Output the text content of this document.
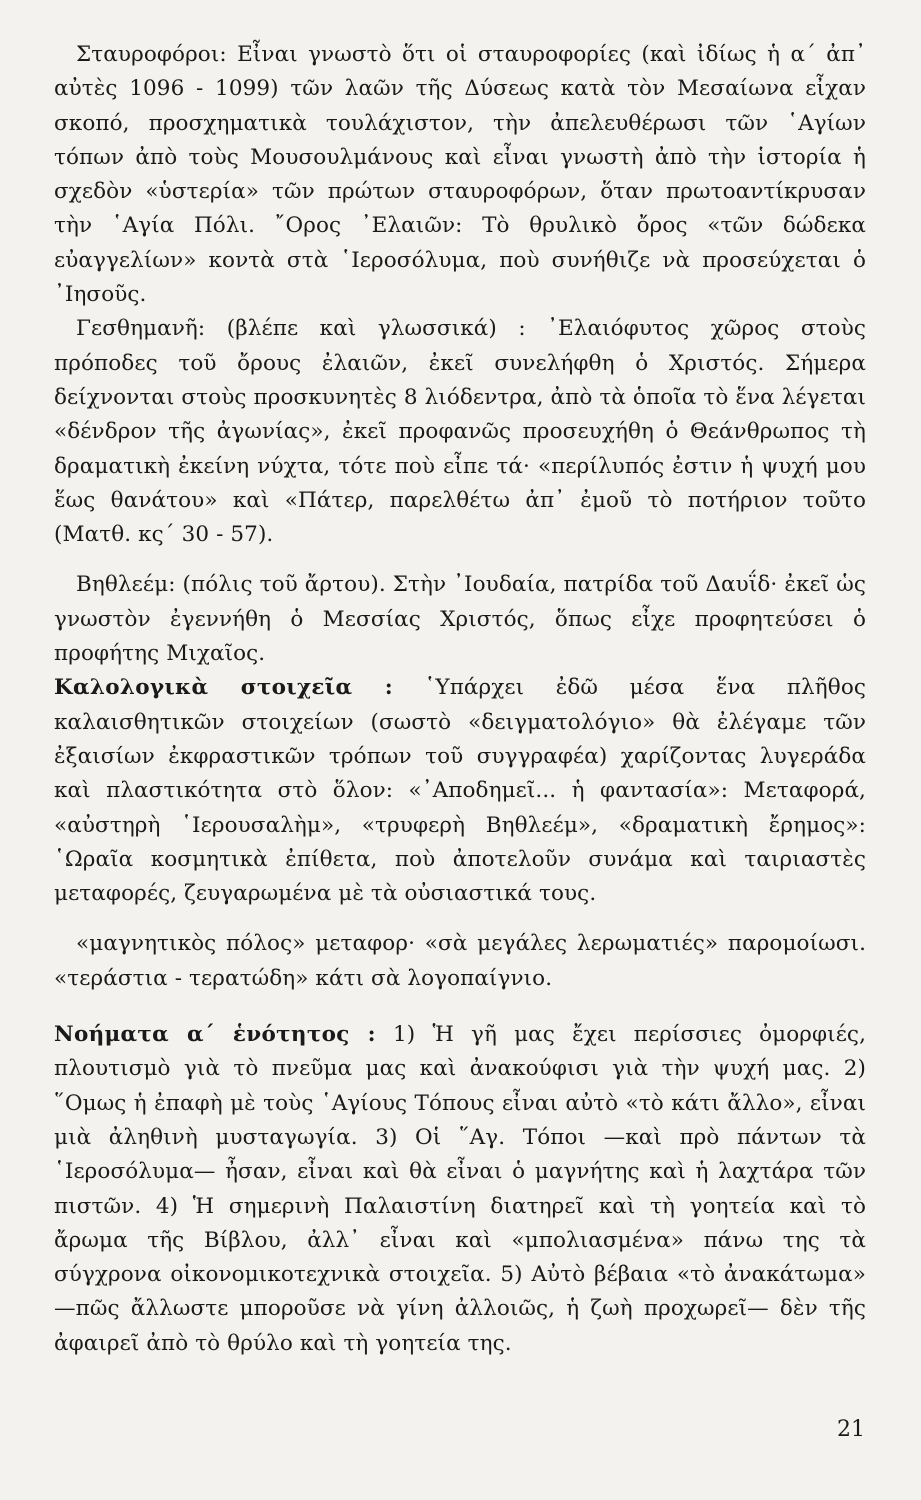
Σταυροφόροι: Εἶναι γνωστὸ ὅτι οἱ σταυροφορίες (καὶ ἰδίως ἡ α΄ ἀπ᾿ αὐτὲς 1096 - 1099) τῶν λαῶν τῆς Δύσεως κατὰ τὸν Μεσαίωνα εἶχαν σκοπό, προσχηματικὰ τουλάχιστον, τὴν ἀπελευθέρωσι τῶν ῾Αγίων τόπων ἀπὸ τοὺς Μουσουλμάνους καὶ εἶναι γνωστὴ ἀπὸ τὴν ἱστορία ἡ σχεδὸν «ὑστερία» τῶν πρώτων σταυροφόρων, ὅταν πρωτοαντίκρυσαν τὴν ῾Αγία Πόλι. ῎Ορος ᾿Ελαιῶν: Τὸ θρυλικὸ ὄρος «τῶν δώδεκα εὐαγγελίων» κοντὰ στὰ ῾Ιεροσόλυμα, ποὺ συνήθιζε νὰ προσεύχεται ὁ ᾿Ιησοῦς.

Γεσθημανῆ: (βλέπε καὶ γλωσσικά) : ᾿Ελαιόφυτος χῶρος στοὺς πρόποδες τοῦ ὄρους ἐλαιῶν, ἐκεῖ συνελήφθη ὁ Χριστός. Σήμερα δείχνονται στοὺς προσκυνητὲς 8 λιόδεντρα, ἀπὸ τὰ ὁποῖα τὸ ἕνα λέγεται «δένδρον τῆς ἀγωνίας», ἐκεῖ προφανῶς προσευχήθη ὁ Θεάνθρωπος τὴ δραματικὴ ἐκείνη νύχτα, τότε ποὺ εἶπε τά· «περίλυπός ἐστιν ἡ ψυχή μου ἕως θανάτου» καὶ «Πάτερ, παρελθέτω ἀπ᾿ ἐμοῦ τὸ ποτήριον τοῦτο (Ματθ. κς΄ 30 - 57).

Βηθλεέμ: (πόλις τοῦ ἄρτου). Στὴν ᾿Ιουδαία, πατρίδα τοῦ Δαυΐδ· ἐκεῖ ὡς γνωστὸν ἐγεννήθη ὁ Μεσσίας Χριστός, ὅπως εἶχε προφητεύσει ὁ προφήτης Μιχαῖος.

Καλολογικὰ στοιχεῖα : ῾Υπάρχει ἐδῶ μέσα ἕνα πλῆθος καλαισθητικῶν στοιχείων (σωστὸ «δειγματολόγιο» θὰ ἐλέγαμε τῶν ἐξαισίων ἐκφραστικῶν τρόπων τοῦ συγγραφέα) χαρίζοντας λυγεράδα καὶ πλαστικότητα στὸ ὅλον: «᾿Αποδημεῖ... ἡ φαντασία»: Μεταφορά, «αὐστηρὴ ῾Ιερουσαλὴμ», «τρυφερὴ Βηθλεέμ», «δραματικὴ ἔρημος»: ῾Ωραῖα κοσμητικὰ ἐπίθετα, ποὺ ἀποτελοῦν συνάμα καὶ ταιριαστὲς μεταφορές, ζευγαρωμένα μὲ τὰ οὐσιαστικά τους.

«μαγνητικὸς πόλος» μεταφορ· «σὰ μεγάλες λερωματιές» παρομοίωσι. «τεράστια - τερατώδη» κάτι σὰ λογοπαίγνιο.

Νοήματα α΄ ἑνότητος : 1) Ἡ γῆ μας ἔχει περίσσιες ὀμορφιές, πλουτισμὸ γιὰ τὸ πνεῦμα μας καὶ ἀνακούφισι γιὰ τὴν ψυχή μας. 2) ῞Ομως ἡ ἐπαφὴ μὲ τοὺς ῾Αγίους Τόπους εἶναι αὐτὸ «τὸ κάτι ἄλλο», εἶναι μιὰ ἀληθινὴ μυσταγωγία. 3) Οἱ ῞Αγ. Τόποι —καὶ πρὸ πάντων τὰ ῾Ιεροσόλυμα— ἦσαν, εἶναι καὶ θὰ εἶναι ὁ μαγνήτης καὶ ἡ λαχτάρα τῶν πιστῶν. 4) Ἡ σημερινὴ Παλαιστίνη διατηρεῖ καὶ τὴ γοητεία καὶ τὸ ἄρωμα τῆς Βίβλου, ἀλλ᾿ εἶναι καὶ «μπολιασμένα» πάνω της τὰ σύγχρονα οἰκονομικοτεχνικὰ στοιχεῖα. 5) Αὐτὸ βέβαια «τὸ ἀνακάτωμα» —πῶς ἄλλωστε μποροῦσε νὰ γίνη ἀλλοιῶς, ἡ ζωὴ προχωρεῖ— δὲν τῆς ἀφαιρεῖ ἀπὸ τὸ θρύλο καὶ τὴ γοητεία της.

21
